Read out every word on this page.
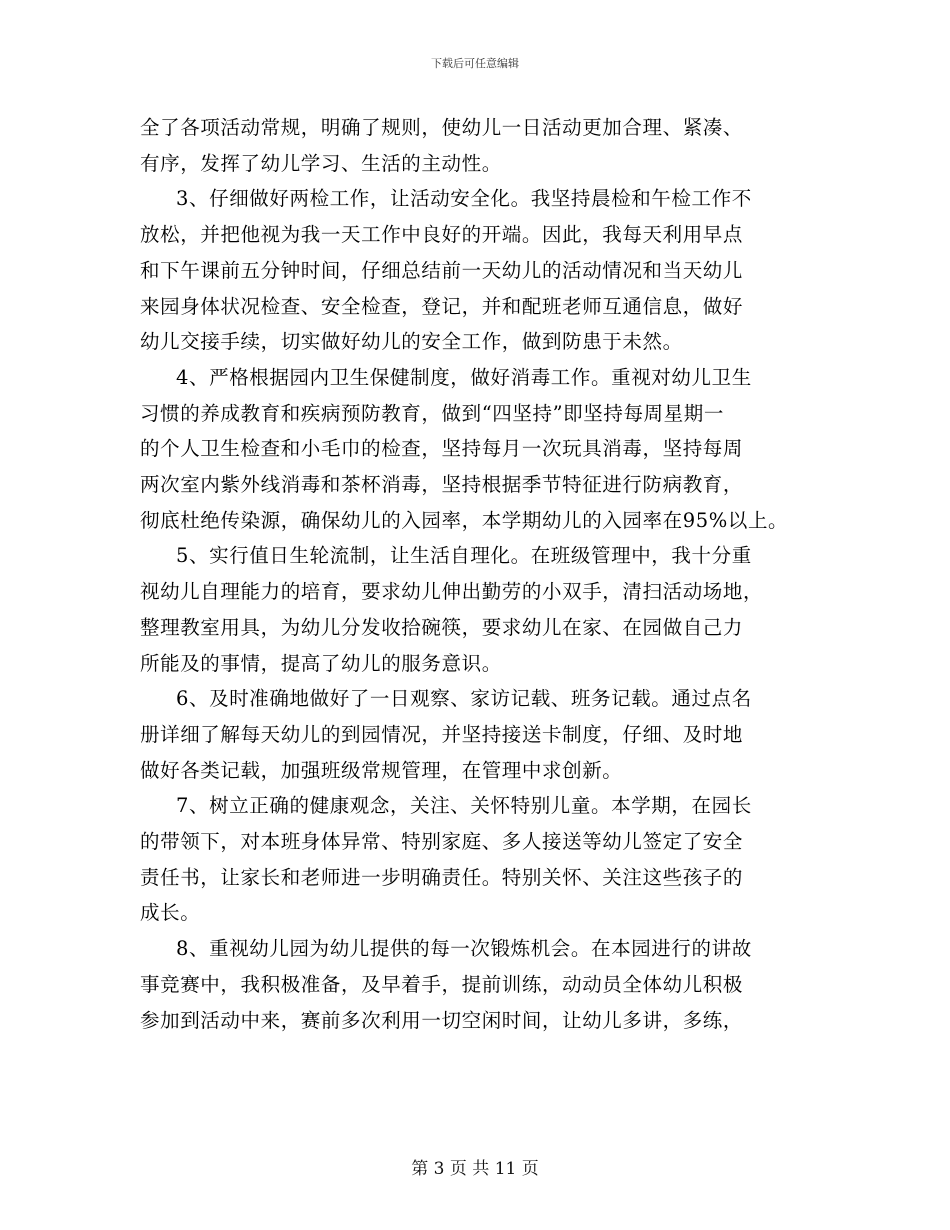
下载后可任意编辑
全了各项活动常规，明确了规则，使幼儿一日活动更加合理、紧凑、
有序，发挥了幼儿学习、生活的主动性。
3、仔细做好两检工作，让活动安全化。我坚持晨检和午检工作不
放松，并把他视为我一天工作中良好的开端。因此，我每天利用早点
和下午课前五分钟时间，仔细总结前一天幼儿的活动情况和当天幼儿
来园身体状况检查、安全检查，登记，并和配班老师互通信息，做好
幼儿交接手续，切实做好幼儿的安全工作，做到防患于未然。
4、严格根据园内卫生保健制度，做好消毒工作。重视对幼儿卫生
习惯的养成教育和疾病预防教育，做到“四坚持”即坚持每周星期一
的个人卫生检查和小毛巾的检查，坚持每月一次玩具消毒，坚持每周
两次室内紫外线消毒和茶杯消毒，坚持根据季节特征进行防病教育，
彻底杜绝传染源，确保幼儿的入园率，本学期幼儿的入园率在95%以上。
5、实行值日生轮流制，让生活自理化。在班级管理中，我十分重
视幼儿自理能力的培育，要求幼儿伸出勤劳的小双手，清扫活动场地，
整理教室用具，为幼儿分发收拾碗筷，要求幼儿在家、在园做自己力
所能及的事情，提高了幼儿的服务意识。
6、及时准确地做好了一日观察、家访记载、班务记载。通过点名
册详细了解每天幼儿的到园情况，并坚持接送卡制度，仔细、及时地
做好各类记载，加强班级常规管理，在管理中求创新。
7、树立正确的健康观念，关注、关怀特别儿童。本学期，在园长
的带领下，对本班身体异常、特别家庭、多人接送等幼儿签定了安全
责任书，让家长和老师进一步明确责任。特别关怀、关注这些孩子的
成长。
8、重视幼儿园为幼儿提供的每一次锻炼机会。在本园进行的讲故
事竞赛中，我积极准备，及早着手，提前训练，动动员全体幼儿积极
参加到活动中来，赛前多次利用一切空闲时间，让幼儿多讲，多练，
第 3 页 共 11 页
